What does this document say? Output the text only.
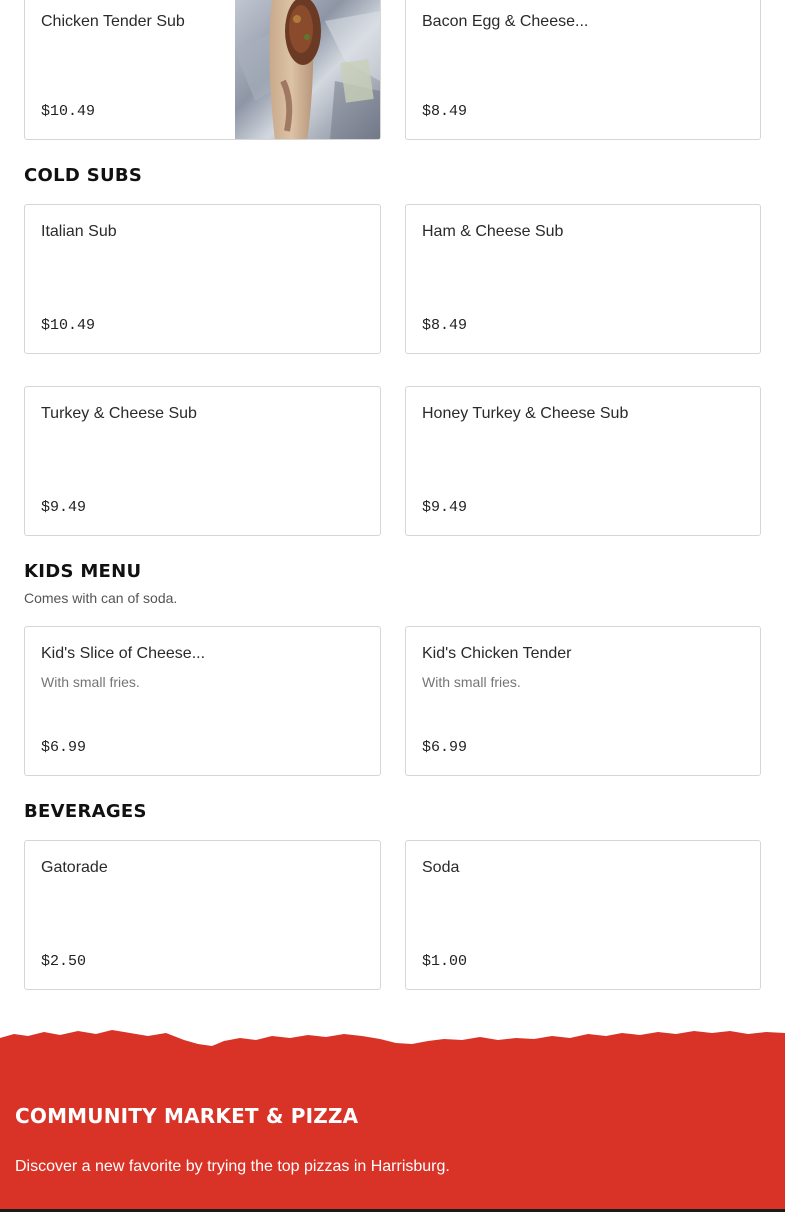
Chicken Tender Sub
$10.49
Bacon Egg & Cheese...
$8.49
COLD SUBS
Italian Sub
$10.49
Ham & Cheese Sub
$8.49
Turkey & Cheese Sub
$9.49
Honey Turkey & Cheese Sub
$9.49
KIDS MENU
Comes with can of soda.
Kid's Slice of Cheese...
With small fries.
$6.99
Kid's Chicken Tender
With small fries.
$6.99
BEVERAGES
Gatorade
$2.50
Soda
$1.00
COMMUNITY MARKET & PIZZA
Discover a new favorite by trying the top pizzas in Harrisburg.
